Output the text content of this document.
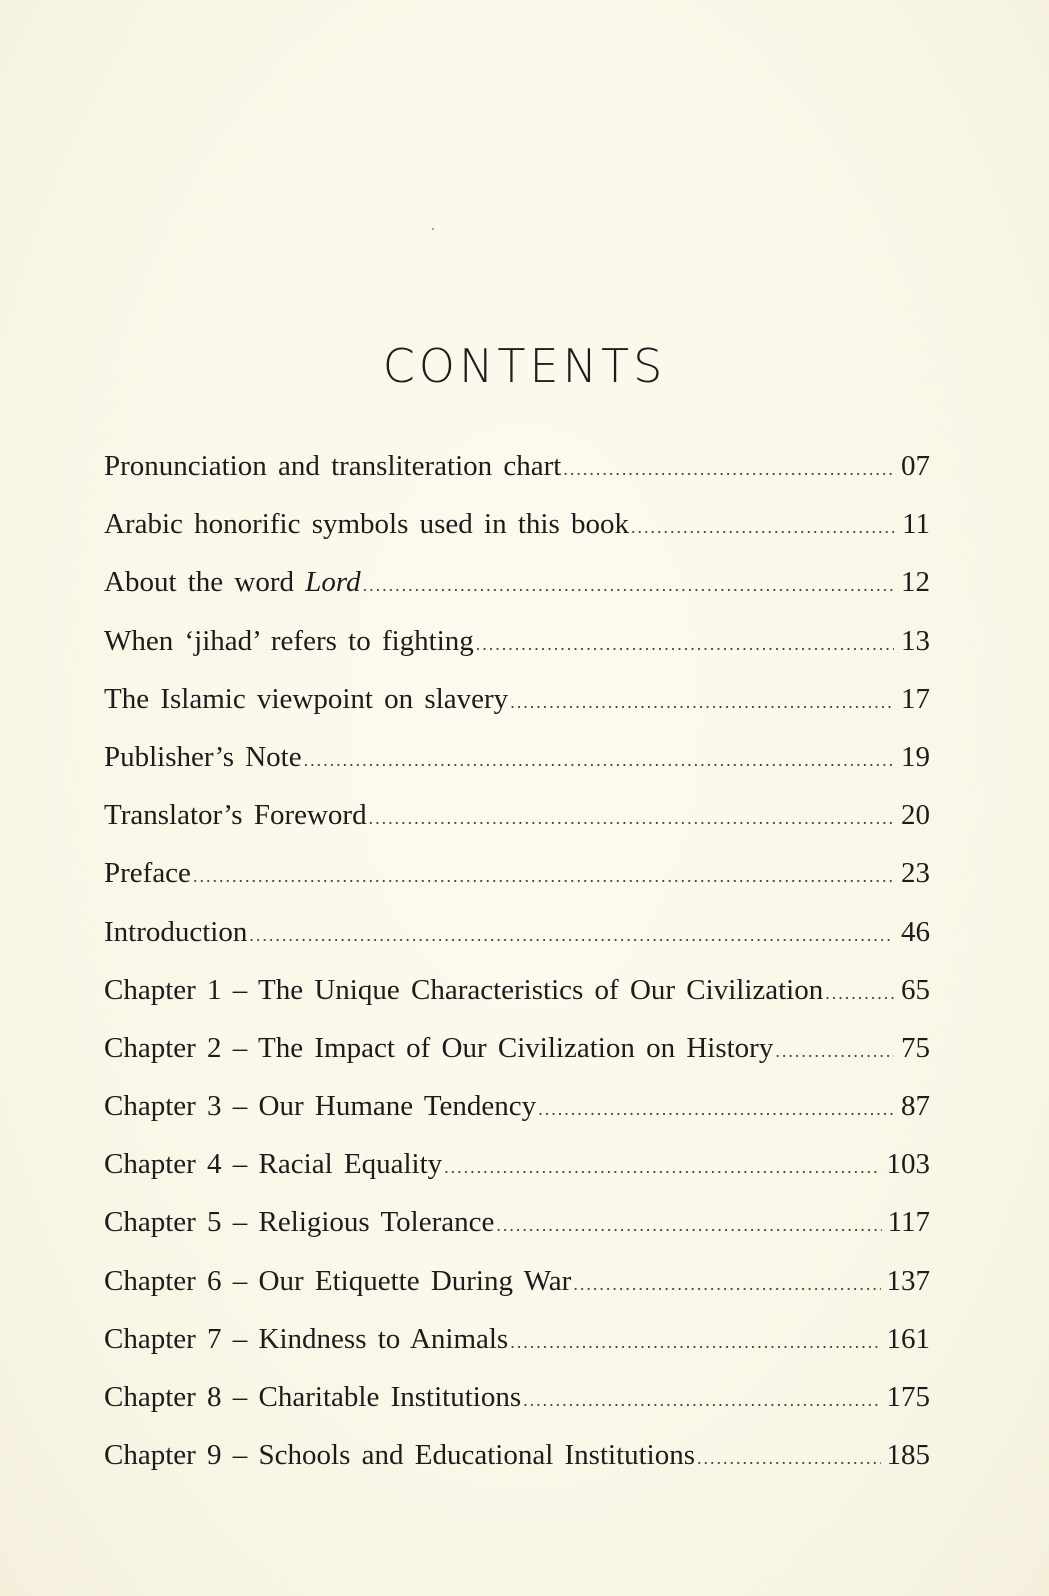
CONTENTS
Pronunciation and transliteration chart .....	07
Arabic honorific symbols used in this book .....	11
About the word Lord .....	12
When ‘jihad’ refers to fighting .....	13
The Islamic viewpoint on slavery .....	17
Publisher’s Note .....	19
Translator’s Foreword .....	20
Preface .....	23
Introduction .....	46
Chapter 1 – The Unique Characteristics of Our Civilization .....	65
Chapter 2 – The Impact of Our Civilization on History .....	75
Chapter 3 – Our Humane Tendency .....	87
Chapter 4 – Racial Equality .....	103
Chapter 5 – Religious Tolerance .....	117
Chapter 6 – Our Etiquette During War .....	137
Chapter 7 – Kindness to Animals .....	161
Chapter 8 – Charitable Institutions .....	175
Chapter 9 – Schools and Educational Institutions .....	185
